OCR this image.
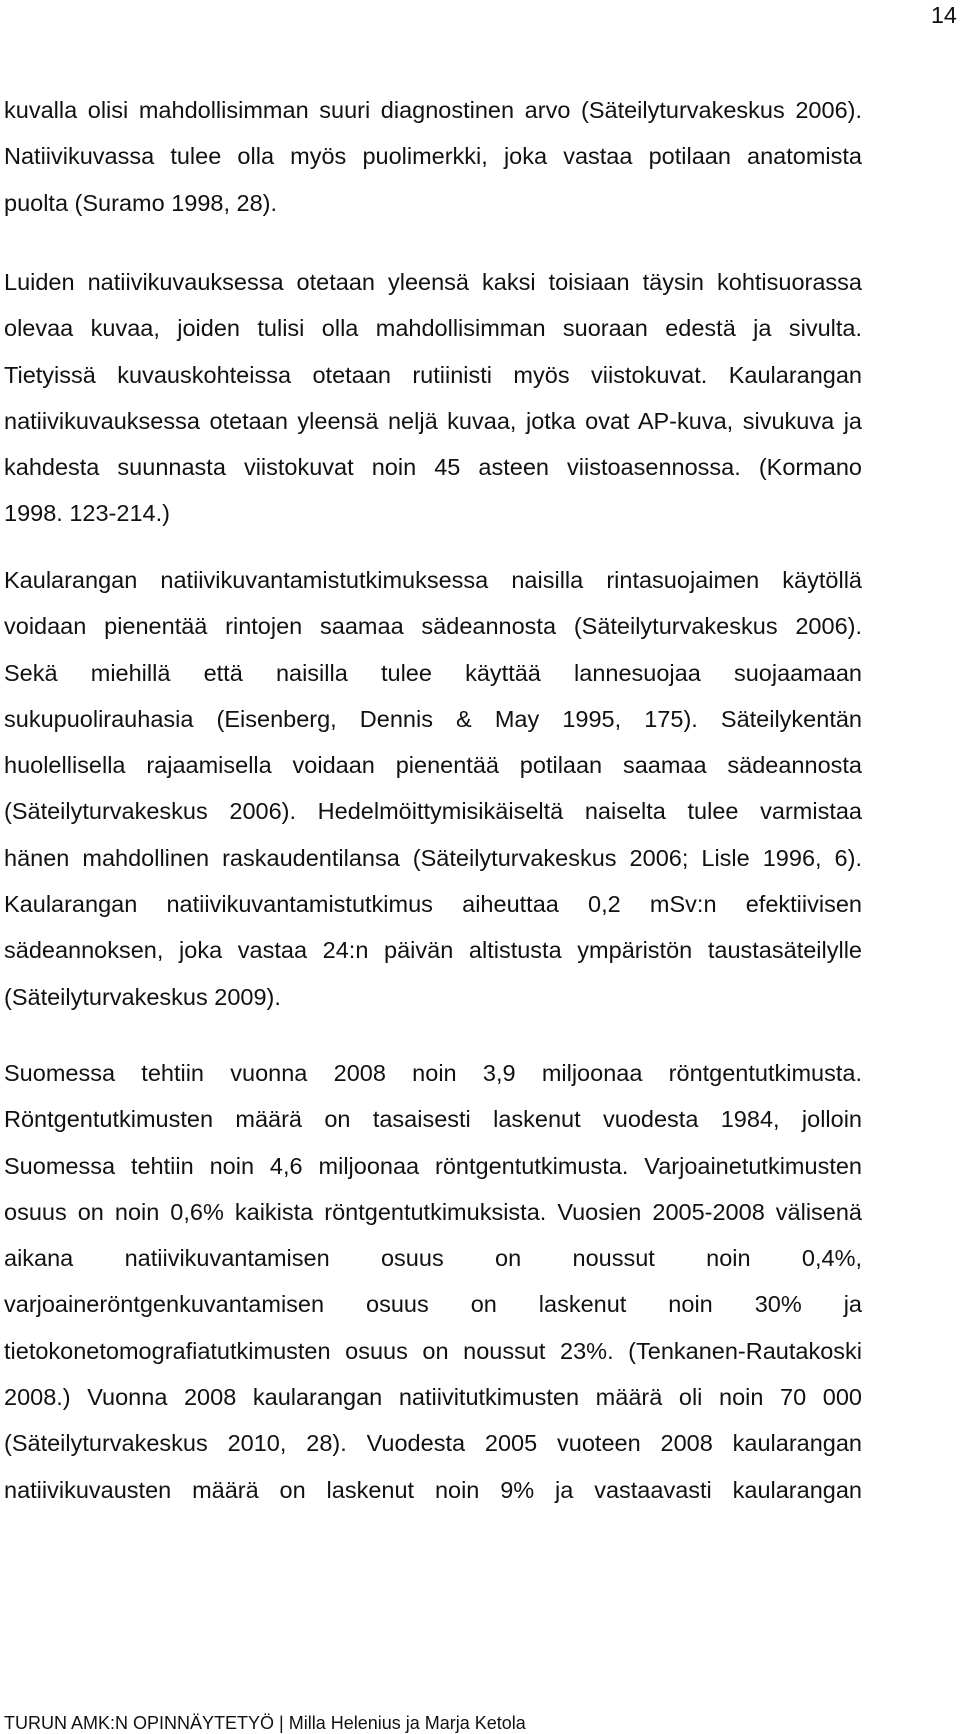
14
kuvalla olisi mahdollisimman suuri diagnostinen arvo (Säteilyturvakeskus 2006).
Natiivikuvassa tulee olla myös puolimerkki, joka vastaa potilaan anatomista
puolta (Suramo 1998, 28).
Luiden natiivikuvauksessa otetaan yleensä kaksi toisiaan täysin kohtisuorassa
olevaa kuvaa, joiden tulisi olla mahdollisimman suoraan edestä ja sivulta.
Tietyissä kuvauskohteissa otetaan rutiinisti myös viistokuvat. Kaularangan
natiivikuvauksessa otetaan yleensä neljä kuvaa, jotka ovat AP-kuva, sivukuva ja
kahdesta suunnasta viistokuvat noin 45 asteen viistoasennossa. (Kormano
1998. 123-214.)
Kaularangan natiivikuvantamistutkimuksessa naisilla rintasuojaimen käytöllä
voidaan pienentää rintojen saamaa sädeannosta (Säteilyturvakeskus 2006).
Sekä miehillä että naisilla tulee käyttää lannesuojaa suojaamaan
sukupuolirauhasia (Eisenberg, Dennis & May 1995, 175). Säteilykentän
huolellisella rajaamisella voidaan pienentää potilaan saamaa sädeannosta
(Säteilyturvakeskus 2006). Hedelmöittymisikäiseltä naiselta tulee varmistaa
hänen mahdollinen raskaudentilansa (Säteilyturvakeskus 2006; Lisle 1996, 6).
Kaularangan natiivikuvantamistutkimus aiheuttaa 0,2 mSv:n efektiivisen
sädeannoksen, joka vastaa 24:n päivän altistusta ympäristön taustasäteilylle
(Säteilyturvakeskus 2009).
Suomessa tehtiin vuonna 2008 noin 3,9 miljoonaa röntgentutkimusta.
Röntgentutkimusten määrä on tasaisesti laskenut vuodesta 1984, jolloin
Suomessa tehtiin noin 4,6 miljoonaa röntgentutkimusta. Varjoainetutkimusten
osuus on noin 0,6% kaikista röntgentutkimuksista. Vuosien 2005-2008 välisenä
aikana natiivikuvantamisen osuus on noussut noin 0,4%,
varjoaineröntgenkuvantamisen osuus on laskenut noin 30% ja
tietokonetomografiatutkimusten osuus on noussut 23%. (Tenkanen-Rautakoski
2008.) Vuonna 2008 kaularangan natiivitutkimusten määrä oli noin 70 000
(Säteilyturvakeskus 2010, 28). Vuodesta 2005 vuoteen 2008 kaularangan
natiivikuvausten määrä on laskenut noin 9% ja vastaavasti kaularangan
TURUN AMK:N OPINNÄYTETYÖ | Milla Helenius ja Marja Ketola
